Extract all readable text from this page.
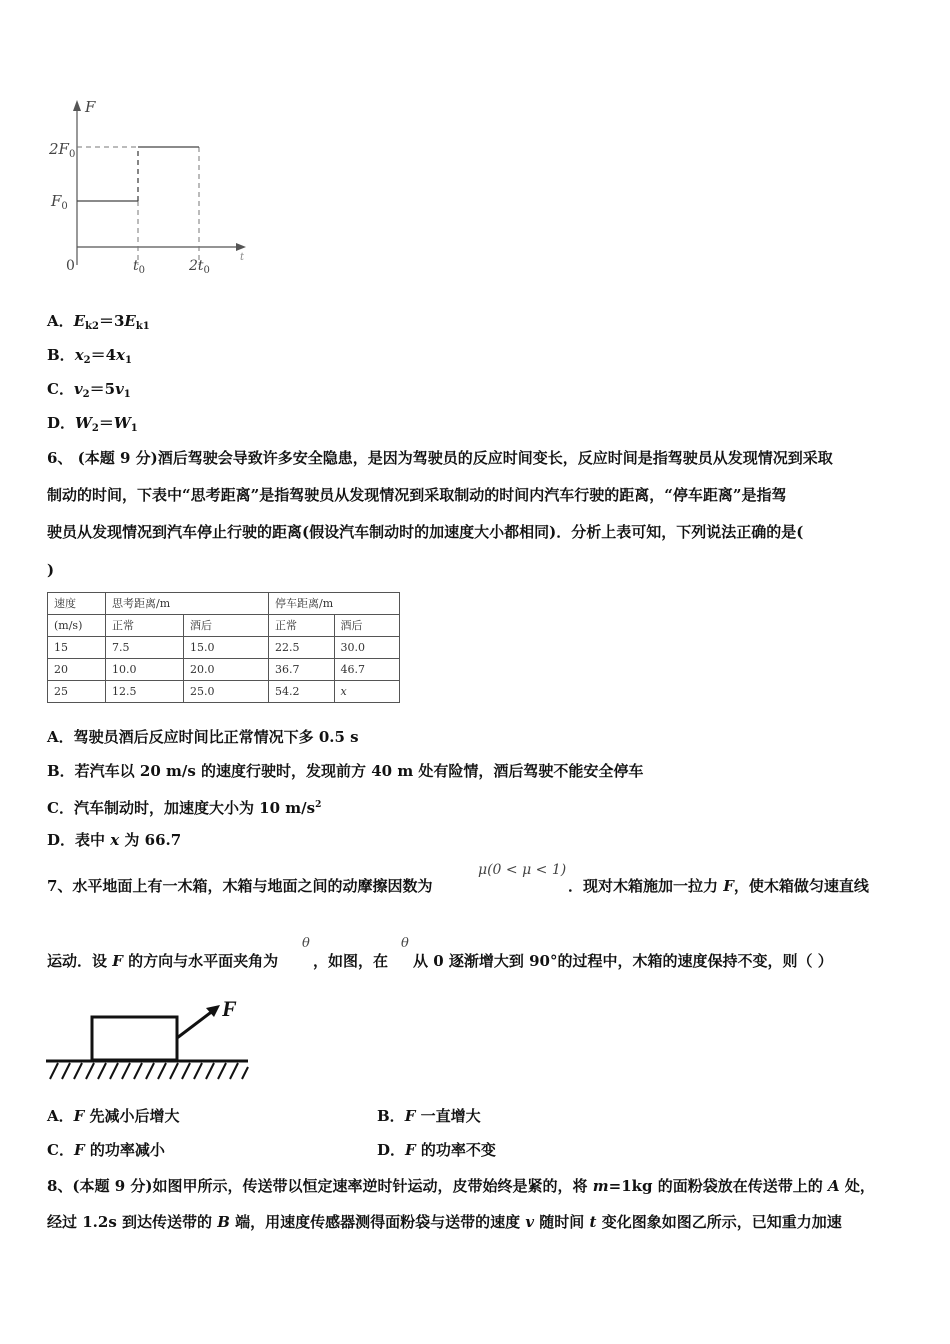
F
$2F_0$
$F_0$
0	$t_0$	$2t_0$
t
A．$E_{k2}=3E_{k1}$
B．$x_2=4x_1$
C．$v_2=5v_1$
D．$W_2=W_1$
6、 (本题 9 分)酒后驾驶会导致许多安全隐患，是因为驾驶员的反应时间变长，反应时间是指驾驶员从发现情况到采取
制动的时间，下表中“思考距离”是指驾驶员从发现情况到采取制动的时间内汽车行驶的距离，“停车距离”是指驾
驶员从发现情况到汽车停止行驶的距离(假设汽车制动时的加速度大小都相同)．分析上表可知，下列说法正确的是(
)
速度	思考距离/m		停车距离/m	
(m/s)	正常	酒后	正常	酒后
15	7.5	15.0	22.5	30.0
20	10.0	20.0	36.7	46.7
25	12.5	25.0	54.2	x
A．驾驶员酒后反应时间比正常情况下多 0.5 s
B．若汽车以 20 m/s 的速度行驶时，发现前方 40 m 处有险情，酒后驾驶不能安全停车
C．汽车制动时，加速度大小为 10 $m/s^2$
D．表中 x 为 66.7
7、水平地面上有一木箱，木箱与地面之间的动摩擦因数为
μ(0 < μ < 1)
．现对木箱施加一拉力 F，使木箱做匀速直线
运动．设 F 的方向与水平面夹角为
θ
，如图，在
θ
从 0 逐渐增大到 90°的过程中，木箱的速度保持不变，则（ ）
F
A．F 先减小后增大	B．F 一直增大
C．F 的功率减小	D．F 的功率不变
8、(本题 9 分)如图甲所示，传送带以恒定速率逆时针运动，皮带始终是紧的，将 m=1kg 的面粉袋放在传送带上的 A 处，
经过 1.2s 到达传送带的 B 端，用速度传感器测得面粉袋与送带的速度 v 随时间 t 变化图象如图乙所示，已知重力加速
